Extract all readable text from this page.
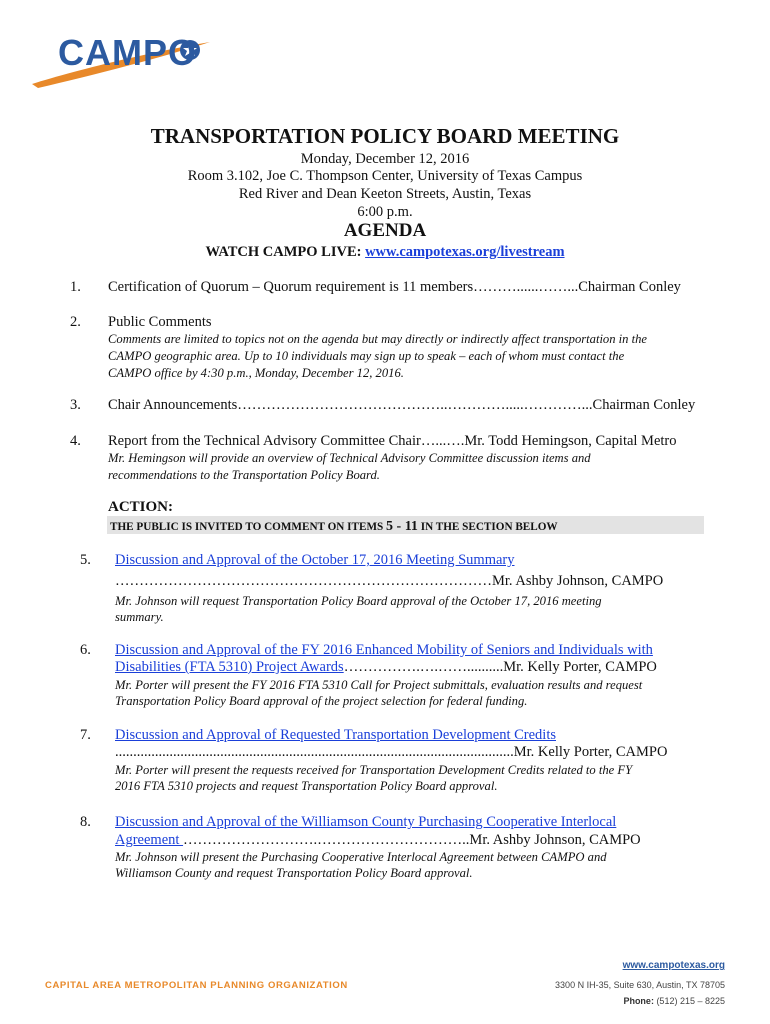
CAMPO
TRANSPORTATION POLICY BOARD MEETING
Monday, December 12, 2016
Room 3.102, Joe C. Thompson Center, University of Texas Campus
Red River and Dean Keeton Streets, Austin, Texas
6:00 p.m.
AGENDA
WATCH CAMPO LIVE: www.campotexas.org/livestream
1. Certification of Quorum – Quorum requirement is 11 members………......……...Chairman Conley
2. Public Comments
Comments are limited to topics not on the agenda but may directly or indirectly affect transportation in the
CAMPO geographic area. Up to 10 individuals may sign up to speak – each of whom must contact the
CAMPO office by 4:30 p.m., Monday, December 12, 2016.
3. Chair Announcements……………………………………..………….....…………...Chairman Conley
4. Report from the Technical Advisory Committee Chair…...….Mr. Todd Hemingson, Capital Metro
Mr. Hemingson will provide an overview of Technical Advisory Committee discussion items and
recommendations to the Transportation Policy Board.
ACTION:
THE PUBLIC IS INVITED TO COMMENT ON ITEMS 5 - 11 IN THE SECTION BELOW
5. Discussion and Approval of the October 17, 2016 Meeting Summary
……………………………………………………………………Mr. Ashby Johnson, CAMPO
Mr. Johnson will request Transportation Policy Board approval of the October 17, 2016 meeting
summary.
6. Discussion and Approval of the FY 2016 Enhanced Mobility of Seniors and Individuals with
Disabilities (FTA 5310) Project Awards…………….….……..........Mr. Kelly Porter, CAMPO
Mr. Porter will present the FY 2016 FTA 5310 Call for Project submittals, evaluation results and request
Transportation Policy Board approval of the project selection for federal funding.
7. Discussion and Approval of Requested Transportation Development Credits
..............................................................................................................Mr. Kelly Porter, CAMPO
Mr. Porter will present the requests received for Transportation Development Credits related to the FY
2016 FTA 5310 projects and request Transportation Policy Board approval.
8. Discussion and Approval of the Williamson County Purchasing Cooperative Interlocal
Agreement ……………………….…………………………..Mr. Ashby Johnson, CAMPO
Mr. Johnson will present the Purchasing Cooperative Interlocal Agreement between CAMPO and
Williamson County and request Transportation Policy Board approval.
CAPITAL AREA METROPOLITAN PLANNING ORGANIZATION
www.campotexas.org
3300 N IH-35, Suite 630, Austin, TX 78705
Phone: (512) 215 – 8225
